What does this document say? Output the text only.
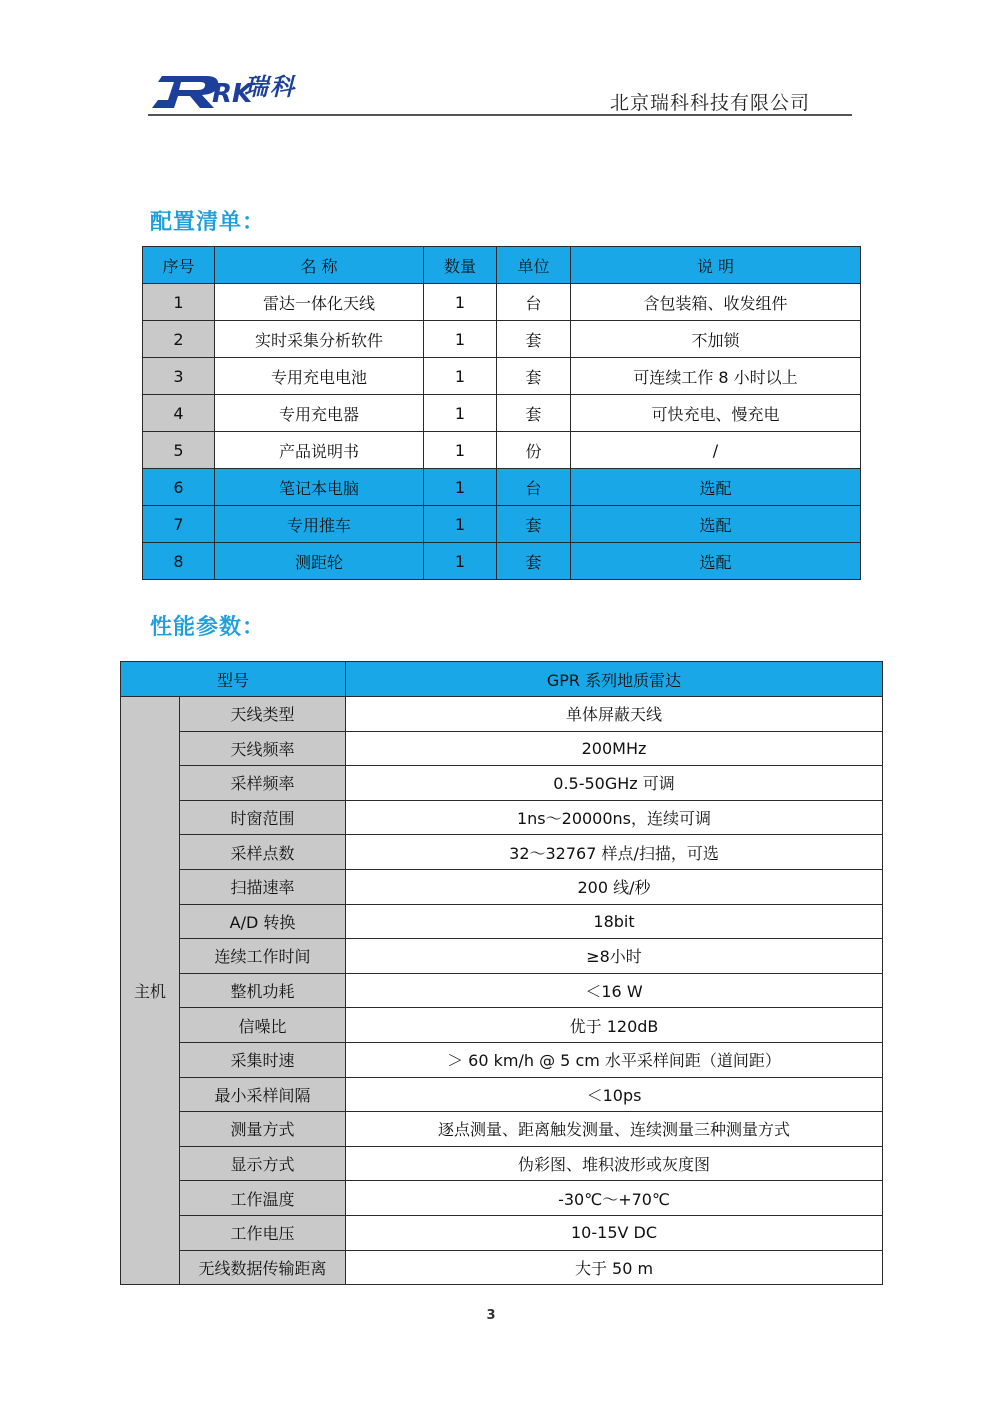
RK
瑞科
北京瑞科科技有限公司
配置清单：
序号	名 称	数量	单位	说 明
1	雷达一体化天线	1	台	含包装箱、收发组件
2	实时采集分析软件	1	套	不加锁
3	专用充电电池	1	套	可连续工作 8 小时以上
4	专用充电器	1	套	可快充电、慢充电
5	产品说明书	1	份	/
6	笔记本电脑	1	台	选配
7	专用推车	1	套	选配
8	测距轮	1	套	选配
性能参数：
型号		GPR 系列地质雷达
主机	天线类型	单体屏蔽天线
	天线频率	200MHz
	采样频率	0.5-50GHz 可调
	时窗范围	1ns～20000ns，连续可调
	采样点数	32～32767 样点/扫描，可选
	扫描速率	200 线/秒
	A/D 转换	18bit
	连续工作时间	≥8小时
	整机功耗	＜16 W
	信噪比	优于 120dB
	采集时速	＞ 60 km/h @ 5 cm 水平采样间距（道间距）
	最小采样间隔	＜10ps
	测量方式	逐点测量、距离触发测量、连续测量三种测量方式
	显示方式	伪彩图、堆积波形或灰度图
	工作温度	-30℃～+70℃
	工作电压	10-15V DC
	无线数据传输距离	大于 50 m
3
